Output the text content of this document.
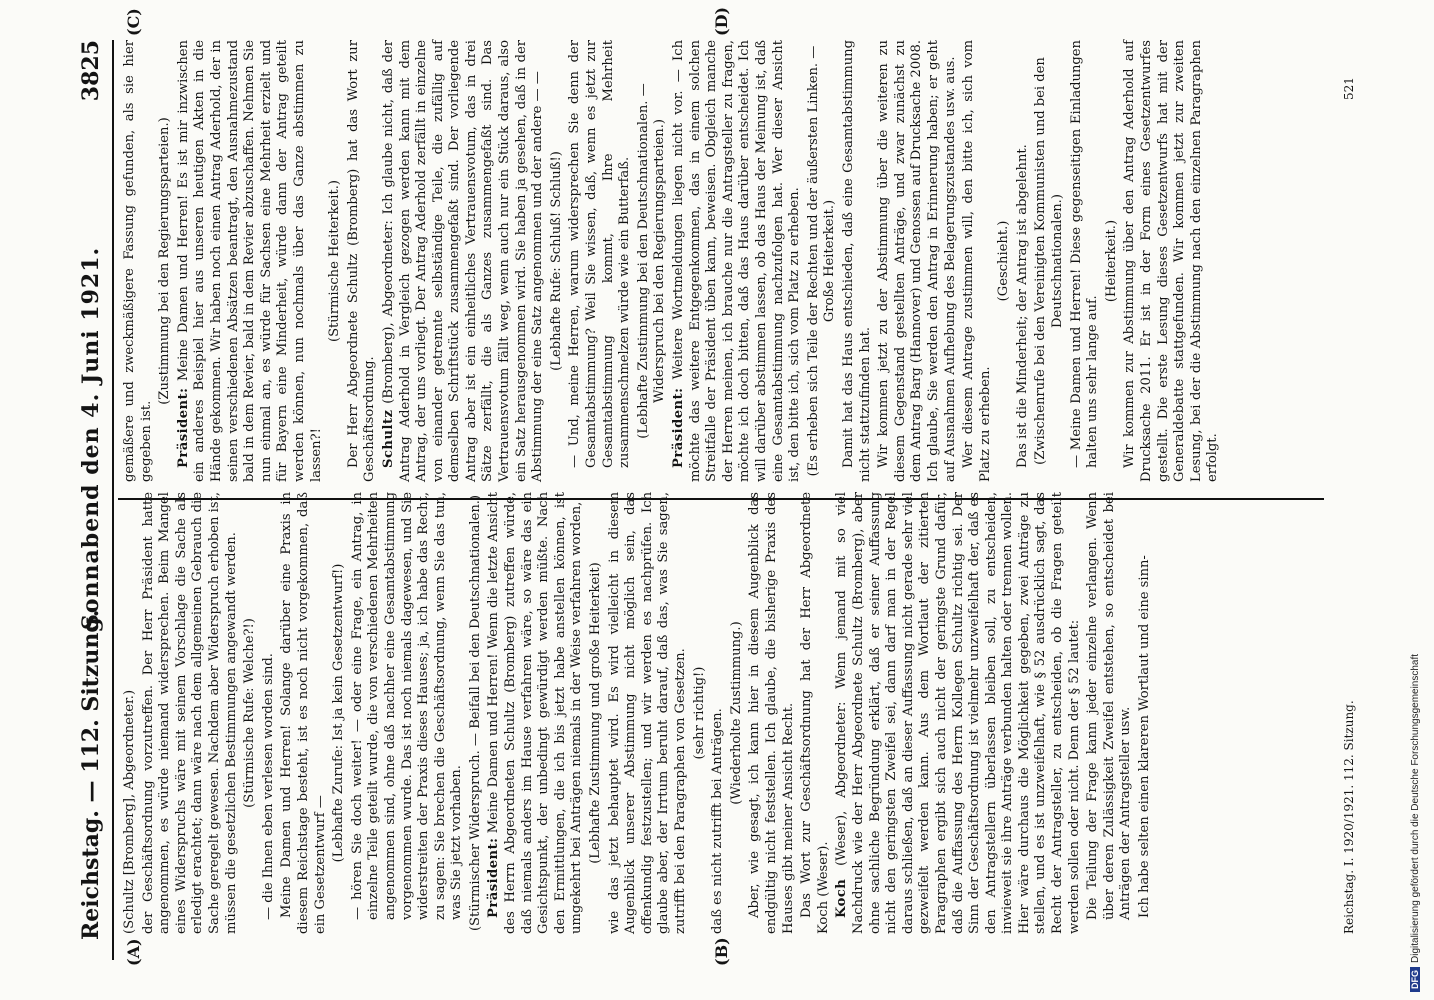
Reichstag. — 112. Sitzung.
Sonnabend den 4. Juni 1921.
3825
(A)	(B)
(C)	(D)

(Schultz [Bromberg], Abgeordneter.) der Geschäftsordnung vorzutreffen. Der Herr Präsident hatte angenommen, es würde niemand widersprechen. Beim Mangel eines Widerspruchs wäre mit seinem Vorschlage die Sache als erledigt erachtet; dann wäre nach dem allgemeinen Gebrauch die Sache geregelt gewesen. Nachdem aber Widerspruch erhoben ist, müssen die gesetzlichen Bestimmungen angewandt werden. (Stürmische Rufe: Welche?!) — die Ihnen eben verlesen worden sind. Meine Damen und Herren! Solange darüber eine Praxis in diesem Reichstage besteht, ist es noch nicht vorgekommen, daß ein Gesetzentwurf —

(Lebhafte Zurufe: Ist ja kein Gesetzentwurf!) — hören Sie doch weiter! — oder eine Frage, ein Antrag, in einzelne Teile geteilt wurde, die von verschiedenen Mehrheiten angenommen sind, ohne daß nachher eine Gesamtabstimmung vorgenommen wurde. Das ist noch niemals dagewesen, und Sie widerstreiten der Praxis dieses Hauses; ja, ich habe das Recht, zu sagen: Sie brechen die Geschäftsordnung, wenn Sie das tun, was Sie jetzt vorhaben. (Stürmischer Widerspruch. — Beifall bei den Deutschnationalen.) Präsident: Meine Damen und Herren! Wenn die letzte Ansicht des Herrn Abgeordneten Schultz (Bromberg) zutreffen würde, daß niemals anders im Hause verfahren wäre, so wäre das ein Gesichtspunkt, der unbedingt gewürdigt werden müßte. Nach den Ermittlungen, die ich bis jetzt habe anstellen können, ist umgekehrt bei Anträgen niemals in der Weise verfahren worden, (Lebhafte Zustimmung und große Heiterkeit) wie das jetzt behauptet wird. Es wird vielleicht in diesem Augenblick unserer Abstimmung nicht möglich sein, das offenkundig festzustellen; und wir werden es nachprüfen. Ich glaube aber, der Irrtum beruht darauf, daß das, was Sie sagen, zutrifft bei den Paragraphen von Gesetzen. (sehr richtig!) daß es nicht zutrifft bei Anträgen. (Wiederholte Zustimmung.) Aber, wie gesagt, ich kann hier in diesem Augenblick das endgültig nicht feststellen. Ich glaube, die bisherige Praxis des Hauses gibt meiner Ansicht Recht. Das Wort zur Geschäftsordnung hat der Herr Abgeordnete Koch (Weser). Koch (Weser), Abgeordneter: Wenn jemand mit so viel Nachdruck wie der Herr Abgeordnete Schultz (Bromberg), aber ohne sachliche Begründung erklärt, daß er seiner Auffassung nicht den geringsten Zweifel sei, dann darf man in der Regel daraus schließen, daß an dieser Auffassung nicht gerade sehr viel gezweifelt werden kann. Aus dem Wortlaut der zitierten Paragraphen ergibt sich auch nicht der geringste Grund dafür, daß die Auffassung des Herrn Kollegen Schultz richtig sei. Der Sinn der Geschäftsordnung ist vielmehr unzweifelhaft der, daß es den Antragstellern überlassen bleiben soll, zu entscheiden, inwieweit sie ihre Anträge verbunden halten oder trennen wollen. Hier wäre durchaus die Möglichkeit gegeben, zwei Anträge zu stellen, und es ist unzweifelhaft, wie § 52 ausdrücklich sagt, das Recht der Antragsteller, zu entscheiden, ob die Fragen geteilt werden sollen oder nicht. Denn der § 52 lautet: Die Teilung der Frage kann jeder einzelne verlangen. Wenn über deren Zulässigkeit Zweifel entstehen, so entscheidet bei Anträgen der Antragsteller usw. Ich habe selten einen klareren Wortlaut und eine sinn-

gemäßere und zweckmäßigere Fassung gefunden, als sie hier gegeben ist.

(Zustimmung bei den Regierungsparteien.)

Präsident: Meine Damen und Herren! Es ist mir inzwischen ein anderes Beispiel hier aus unseren heutigen Akten in die Hände gekommen. Wir haben noch einen Antrag Aderhold, der in seinen verschiedenen Absätzen beantragt, den Ausnahmezustand bald in dem Revier, bald in dem Revier abzuschaffen. Nehmen Sie nun einmal an, es würde für Sachsen eine Mehrheit erzielt und für Bayern eine Minderheit, würde dann der Antrag geteilt werden können, nun nochmals über das Ganze abstimmen zu lassen?!

(Stürmische Heiterkeit.) Der Herr Abgeordnete Schultz (Bromberg) hat das Wort zur Geschäftsordnung. Schultz (Bromberg), Abgeordneter: Ich glaube nicht, daß der Antrag Aderhold in Vergleich gezogen werden kann mit dem Antrag, der uns vorliegt. Der Antrag Aderhold zerfällt in einzelne von einander getrennte selbständige Teile, die zufällig auf demselben Schriftstück zusammengefaßt sind. Der vorliegende Antrag aber ist ein einheitliches Vertrauensvotum, das in drei Sätze zerfällt, die als Ganzes zusammengefaßt sind. Das Vertrauensvotum fällt weg, wenn auch nur ein Stück daraus, also ein Satz herausgenommen wird. Sie haben ja gesehen, daß in der Abstimmung der eine Satz angenommen und der andere — — (Lebhafte Rufe: Schluß! Schluß!) — Und, meine Herren, warum widersprechen Sie denn der Gesamtabstimmung? Weil Sie wissen, daß, wenn es jetzt zur Gesamtabstimmung kommt, Ihre Mehrheit zusammenschmelzen würde wie ein Butterfaß. (Lebhafte Zustimmung bei den Deutschnationalen. — Widerspruch bei den Regierungsparteien.)

Präsident: Weitere Wortmeldungen liegen nicht vor. — Ich möchte das weitere Entgegenkommen, das in einem solchen Streitfalle der Präsident üben kann, beweisen. Obgleich manche der Herren meinen, ich brauche nur die Antragsteller zu fragen, möchte ich doch bitten, daß das Haus darüber entscheidet. Ich will darüber abstimmen lassen, ob das Haus der Meinung ist, daß eine Gesamtabstimmung nachzufolgen hat. Wer dieser Ansicht ist, den bitte ich, sich vom Platz zu erheben. (Es erheben sich Teile der Rechten und der äußersten Linken. — Große Heiterkeit.) Damit hat das Haus entschieden, daß eine Gesamtabstimmung nicht stattzufinden hat. Wir kommen jetzt zu der Abstimmung über die weiteren zu diesem Gegenstand gestellten Anträge, und zwar zunächst zu dem Antrag Barg (Hannover) und Genossen auf Drucksache 2008. Ich glaube, Sie werden den Antrag in Erinnerung haben; er geht auf Ausnahmen Aufhebung des Belagerungszustandes usw. aus. Wer diesem Antrage zustimmen will, den bitte ich, sich vom Platz zu erheben.

(Geschieht.) Das ist die Minderheit; der Antrag ist abgelehnt. (Zwischenrufe bei den Vereinigten Kommunisten und bei den Deutschnationalen.) — Meine Damen und Herren! Diese gegenseitigen Einladungen halten uns sehr lange auf.

(Heiterkeit.) Wir kommen zur Abstimmung über den Antrag Aderhold auf Drucksache 2011. Er ist in der Form eines Gesetzentwurfes gestellt. Die erste Lesung dieses Gesetzentwurfs hat mit der Generaldebatte stattgefunden. Wir kommen jetzt zur zweiten Lesung, bei der die Abstimmung nach den einzelnen Paragraphen erfolgt.

Reichstag. I. 1920/1921. 112. Sitzung.
521
DFGDigitalisierung gefördert durch die Deutsche Forschungsgemeinschaft
